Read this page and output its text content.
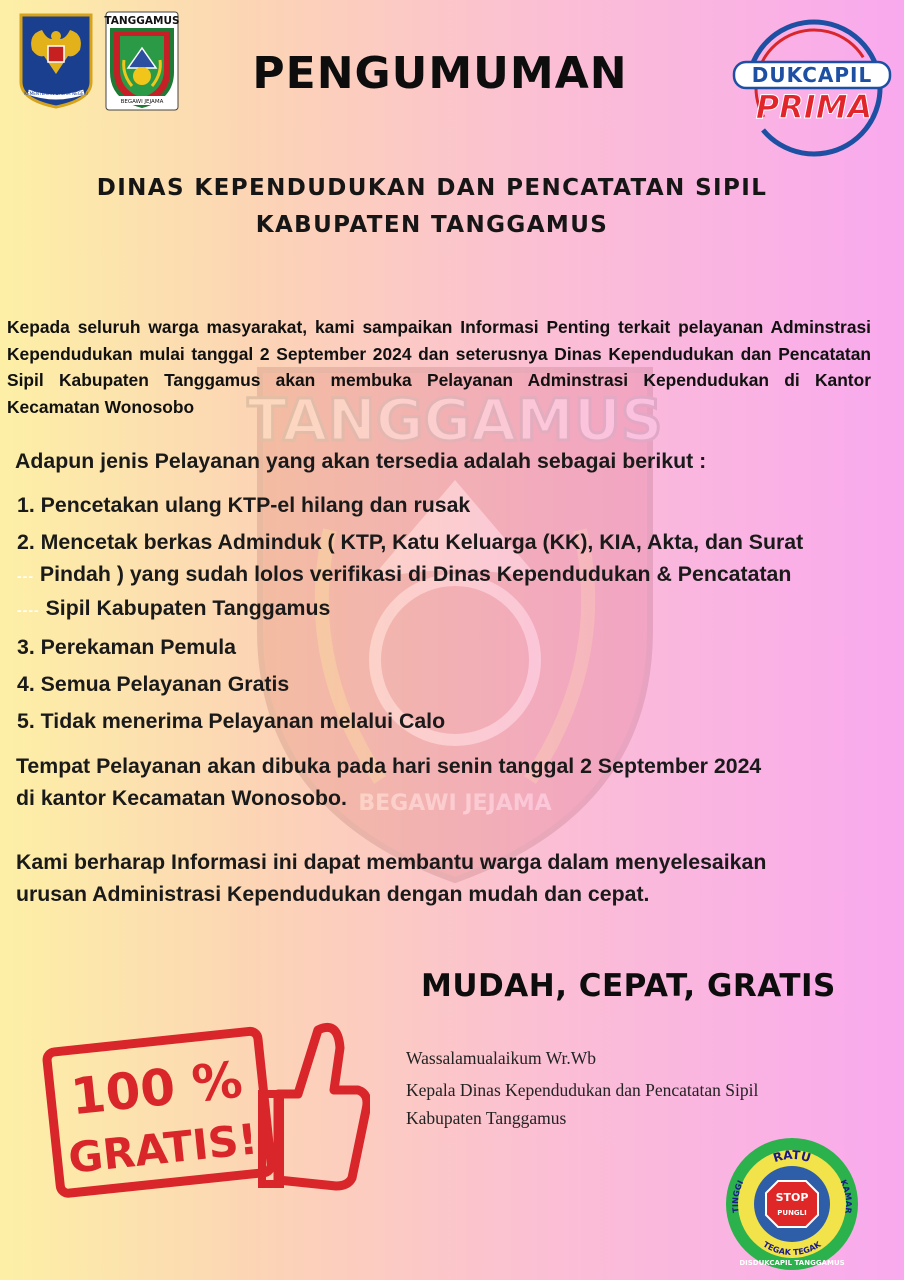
TANGGAMUS
BEGAWI JEJAMA
KEMENTERIAN DALAM NEGERI
TANGGAMUS
BEGAWI JEJAMA
PENGUMUMAN	DUKCAPIL
PRIMA
DINAS KEPENDUDUKAN DAN PENCATATAN SIPIL
KABUPATEN TANGGAMUS

Kepada seluruh warga masyarakat, kami sampaikan Informasi Penting terkait pelayanan Adminstrasi Kependudukan mulai tanggal 2 September 2024 dan seterusnya Dinas Kependudukan dan Pencatatan Sipil Kabupaten Tanggamus akan membuka Pelayanan Adminstrasi Kependudukan di Kantor Kecamatan Wonosobo

Adapun jenis Pelayanan yang akan tersedia adalah sebagai berikut :

1. Pencetakan ulang KTP-el hilang dan rusak
2. Mencetak berkas Adminduk ( KTP, Katu Keluarga (KK), KIA, Akta, dan Surat
--- Pindah ) yang sudah lolos verifikasi di Dinas Kependudukan & Pencatatan
---- Sipil Kabupaten Tanggamus
3. Perekaman Pemula
4. Semua Pelayanan Gratis
5. Tidak menerima Pelayanan melalui Calo

Tempat Pelayanan akan dibuka pada hari senin tanggal 2 September 2024
di kantor Kecamatan Wonosobo.

Kami berharap Informasi ini dapat membantu warga dalam menyelesaikan
urusan Administrasi Kependudukan dengan mudah dan cepat.

MUDAH, CEPAT, GRATIS
100 %
GRATIS!
Wassalamualaikum Wr.Wb
Kepala Dinas Kependudukan dan Pencatatan Sipil
Kabupaten Tanggamus
RATU
TINGGI	KAMAR
TEGAK TEGAK
STOP
PUNGLI
DISDUKCAPIL TANGGAMUS
